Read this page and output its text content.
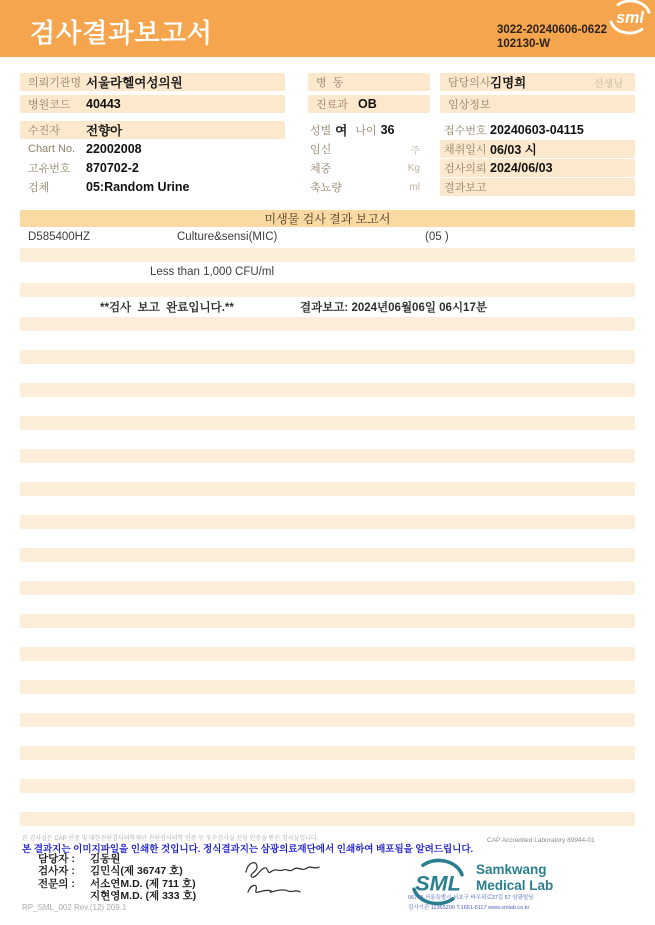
검사결과보고서	3022-20240606-0622
102130-W
sml
의뢰기관명 서울라헬여성의원
병원코드	40443
병  동
진료과 OB
담당의사 김명희	선생님
임상정보
수진자	전향아
Chart No. 22002008
고유번호	870702-2
검체	05:Random Urine
성별 여 나이 36
임신	주
체중	Kg
축뇨량	ml
접수번호 20240603-04115
채취일시 06/03 시
검사의뢰 2024/06/03
결과보고
미생물 검사 결과 보고서
D585400HZ	Culture&sensi(MIC)	(05 )
Less than 1,000 CFU/ml
**검사  보고  완료입니다.**	결과보고: 2024년06월06일 06시17분
본 검사실은 CAP 인증 및 대한진단검사의학재단 진단검사의학 인증 등 우수검사실 신임 인증을 받은 검사실입니다.	CAP Accredited Laboratory 89944-01
본 결과지는 이미지파일을 인쇄한 것입니다. 정식결과지는 삼광의료재단에서 인쇄하여 배포됨을 알려드립니다.
담당자 : 김동원
검사자 : 김민식(제 36747 호)
전문의 : 서소연M.D. (제 711 호)
지현영M.D. (제 333 호)
SML
Samkwang
Medical Lab
06743 서울특별시 서초구 바우뫼로37길 57 삼광빌딩
검사기관 11365200 T.1661-5117 www.smlab.co.kr
RP_SML_002 Rev.(12) 209.1
